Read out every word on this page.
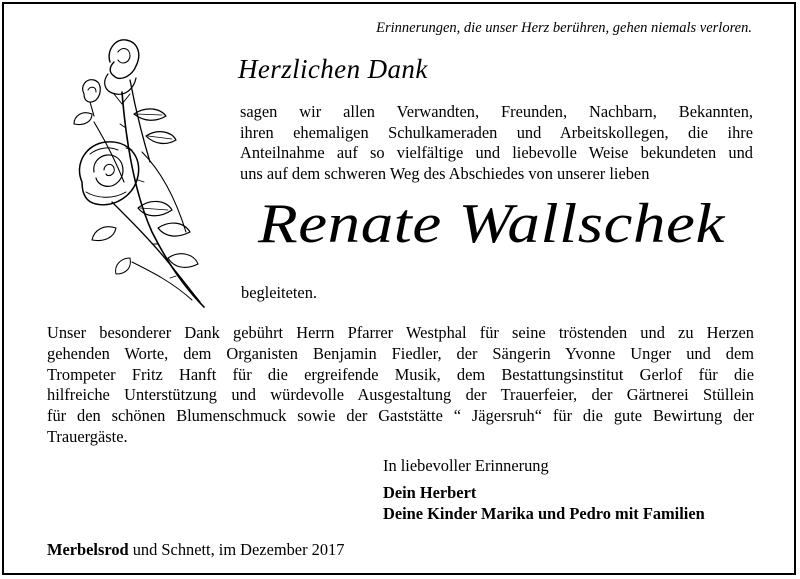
Erinnerungen, die unser Herz berühren, gehen niemals verloren.
Herzlichen Dank
sagen wir allen Verwandten, Freunden, Nachbarn, Bekannten,
ihren ehemaligen Schulkameraden und Arbeitskollegen, die ihre
Anteilnahme auf so vielfältige und liebevolle Weise bekundeten und
uns auf dem schweren Weg des Abschiedes von unserer lieben
Renate Wallschek
begleiteten.
Unser besonderer Dank gebührt Herrn Pfarrer Westphal für seine tröstenden und zu Herzen
gehenden Worte, dem Organisten Benjamin Fiedler, der Sängerin Yvonne Unger und dem
Trompeter Fritz Hanft für die ergreifende Musik, dem Bestattungsinstitut Gerlof für die
hilfreiche Unterstützung und würdevolle Ausgestaltung der Trauerfeier, der Gärtnerei Stüllein
für den schönen Blumenschmuck sowie der Gaststätte “ Jägersruh“ für die gute Bewirtung der
Trauergäste.
In liebevoller Erinnerung
Dein Herbert
Deine Kinder Marika und Pedro mit Familien
Merbelsrod und Schnett, im Dezember 2017
